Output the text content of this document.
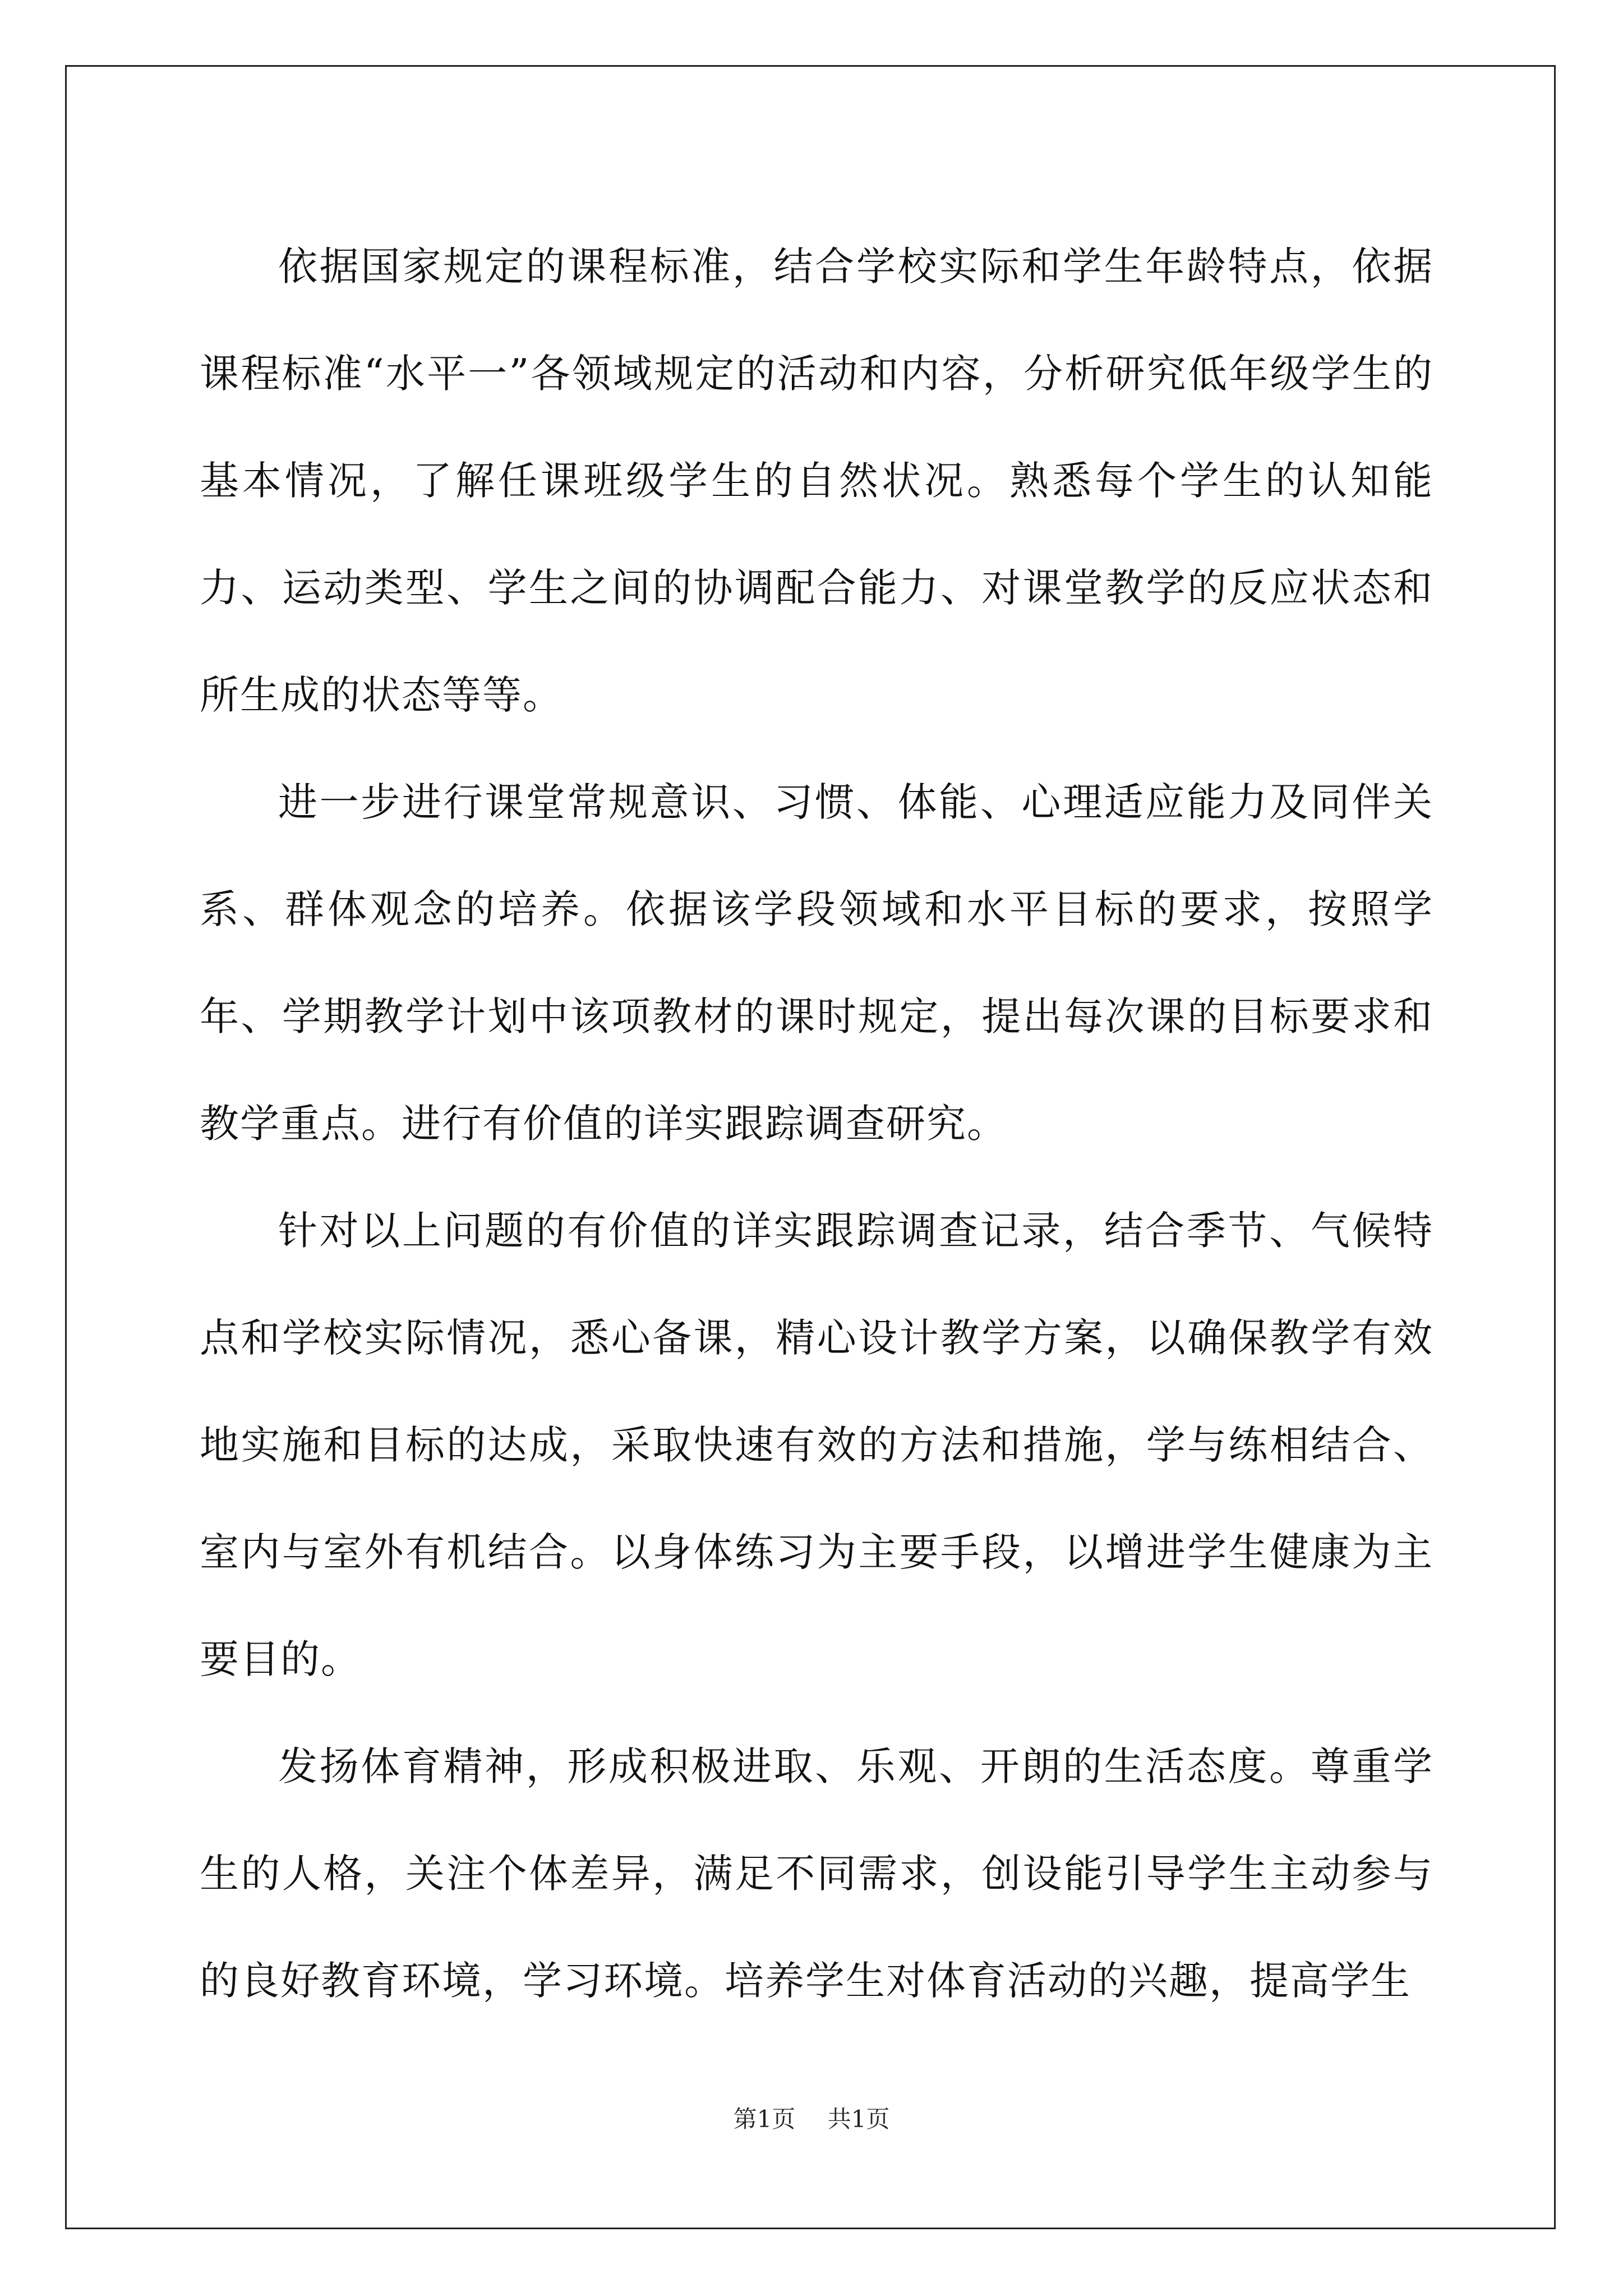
依据国家规定的课程标准，结合学校实际和学生年龄特点，依据课程标准“水平一”各领域规定的活动和内容，分析研究低年级学生的基本情况，了解任课班级学生的自然状况。熟悉每个学生的认知能力、运动类型、学生之间的协调配合能力、对课堂教学的反应状态和所生成的状态等等。

进一步进行课堂常规意识、习惯、体能、心理适应能力及同伴关系、群体观念的培养。依据该学段领域和水平目标的要求，按照学年、学期教学计划中该项教材的课时规定，提出每次课的目标要求和教学重点。进行有价值的详实跟踪调查研究。

针对以上问题的有价值的详实跟踪调查记录，结合季节、气候特点和学校实际情况，悉心备课，精心设计教学方案，以确保教学有效地实施和目标的达成，采取快速有效的方法和措施，学与练相结合、室内与室外有机结合。以身体练习为主要手段，以增进学生健康为主要目的。

发扬体育精神，形成积极进取、乐观、开朗的生活态度。尊重学生的人格，关注个体差异，满足不同需求，创设能引导学生主动参与的良好教育环境，学习环境。培养学生对体育活动的兴趣，提高学生

第1页 共1页
